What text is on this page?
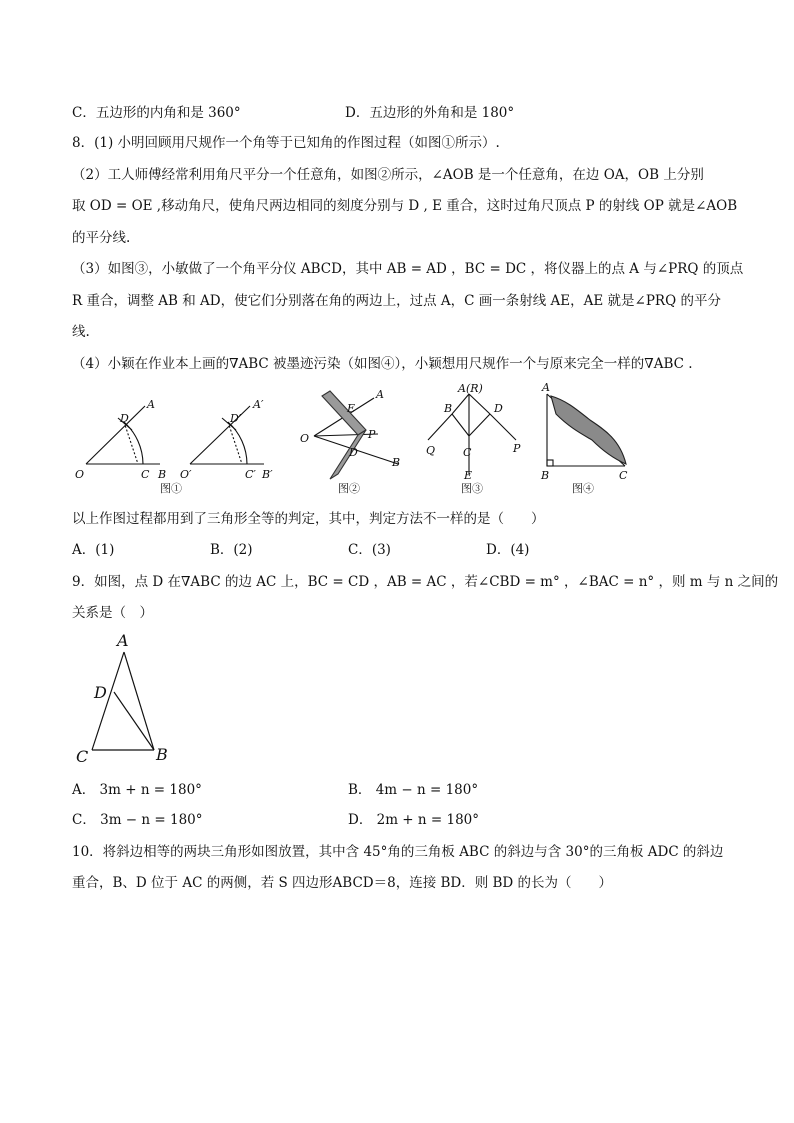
C．五边形的内角和是 360°	D．五边形的外角和是 180°
8．(1) 小明回顾用尺规作一个角等于已知角的作图过程（如图①所示）.
（2）工人师傅经常利用角尺平分一个任意角，如图②所示，∠AOB 是一个任意角，在边 OA，OB 上分别
取 OD = OE ,移动角尺，使角尺两边相同的刻度分别与 D , E 重合，这时过角尺顶点 P 的射线 OP 就是∠AOB
的平分线.
（3）如图③，小敏做了一个角平分仪 ABCD，其中 AB = AD ，BC = DC ，将仪器上的点 A 与∠PRQ 的顶点
R 重合，调整 AB 和 AD，使它们分别落在角的两边上，过点 A，C 画一条射线 AE，AE 就是∠PRQ 的平分
线.
（4）小颖在作业本上画的∇ABC 被墨迹污染（如图④），小颖想用尺规作一个与原来完全一样的∇ABC .
O
D
A
C B
图①
O′
D′
A′
C′ B′
O
E
A
P
D
B
图②
A(R)
B	D
C
Q	P
E
图③
A
B	C
图④
以上作图过程都用到了三角形全等的判定，其中，判定方法不一样的是（　　）
A．(1)	B．(2)	C．(3)	D．(4)
9．如图，点 D 在∇ABC 的边 AC 上，BC = CD ，AB = AC ，若∠CBD = m° ，∠BAC = n° ，则 m 与 n 之间的
关系是（　）
A
D
C	B
A． 3m + n = 180°	B． 4m − n = 180°
C． 3m − n = 180°	D． 2m + n = 180°
10．将斜边相等的两块三角形如图放置，其中含 45°角的三角板 ABC 的斜边与含 30°的三角板 ADC 的斜边
重合，B、D 位于 AC 的两侧，若 S 四边形ABCD＝8，连接 BD．则 BD 的长为（　　）
